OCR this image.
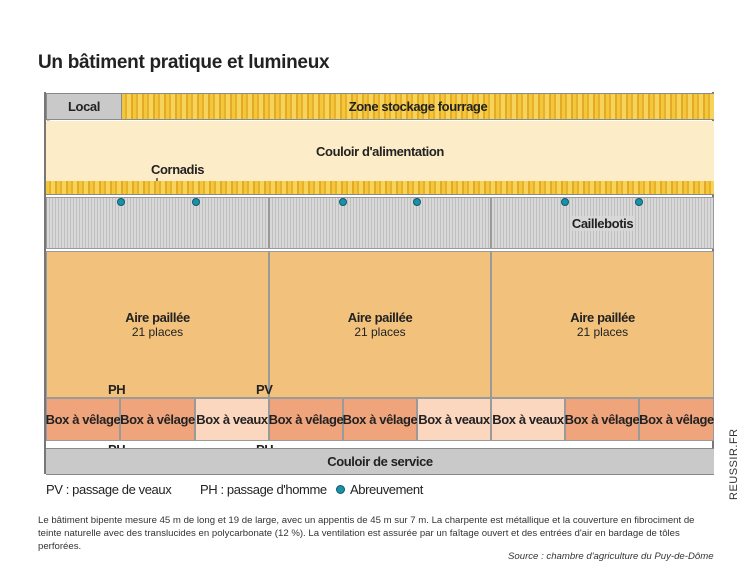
Un bâtiment pratique et lumineux
Local	Zone stockage fourrage
Couloir d'alimentation
Cornadis
Caillebotis
Aire paillée
21 places
Aire paillée
21 places
Aire paillée
21 places
PH	PV
Box à vêlage Box à vêlage Box à veaux Box à vêlage Box à vêlage Box à veaux Box à veaux Box à vêlage Box à vêlage
Couloir de service
PV : passage de veaux PH : passage d'homme Abreuvement	REUSSIR.FR
Le bâtiment bipente mesure 45 m de long et 19 de large, avec un appentis de 45 m sur 7 m. La charpente est métallique et la couverture en fibrociment de teinte naturelle avec des translucides en polycarbonate (12 %). La ventilation est assurée par un faîtage ouvert et des entrées d'air en bardage de tôles perforées.
Source : chambre d'agriculture du Puy-de-Dôme
